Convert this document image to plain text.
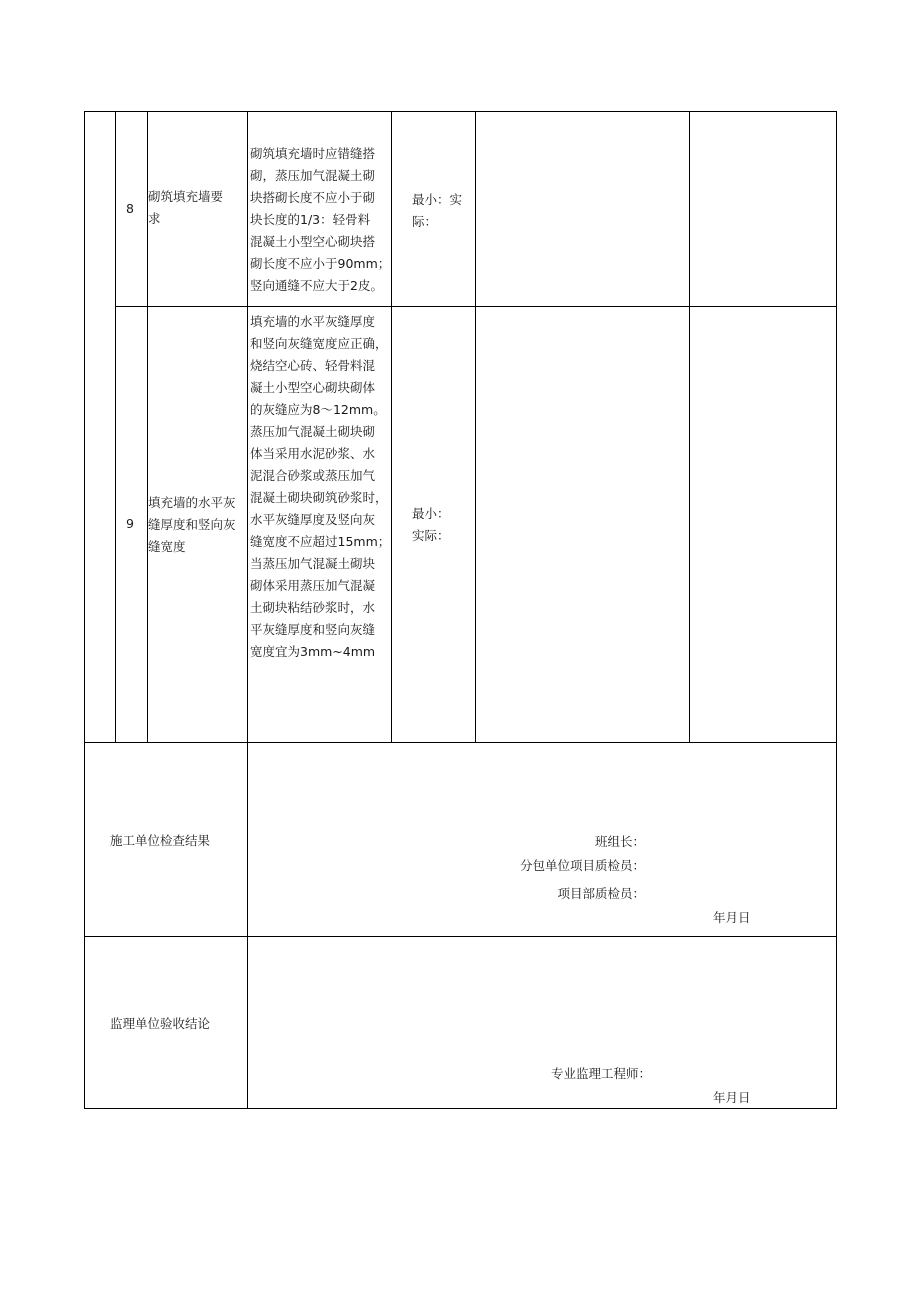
8
砌筑填充墙要
求
砌筑填充墙时应错缝搭
砌，蒸压加气混凝土砌
块搭砌长度不应小于砌
块长度的1/3：轻骨料
混凝土小型空心砌块搭
砌长度不应小于90mm；
竖向通缝不应大于2皮。
最小：实
际：
9
填充墙的水平灰
缝厚度和竖向灰
缝宽度
填充墙的水平灰缝厚度
和竖向灰缝宽度应正确，
烧结空心砖、轻骨料混
凝土小型空心砌块砌体
的灰缝应为8～12mm。
蒸压加气混凝土砌块砌
体当采用水泥砂浆、水
泥混合砂浆或蒸压加气
混凝土砌块砌筑砂浆时，
水平灰缝厚度及竖向灰
缝宽度不应超过15mm；
当蒸压加气混凝土砌块
砌体采用蒸压加气混凝
土砌块粘结砂浆时，水
平灰缝厚度和竖向灰缝
宽度宜为3mm~4mm
最小：
实际：
施工单位检查结果	班组长：
分包单位项目质检员：
项目部质检员：
年月日
监理单位验收结论
专业监理工程师：
年月日
